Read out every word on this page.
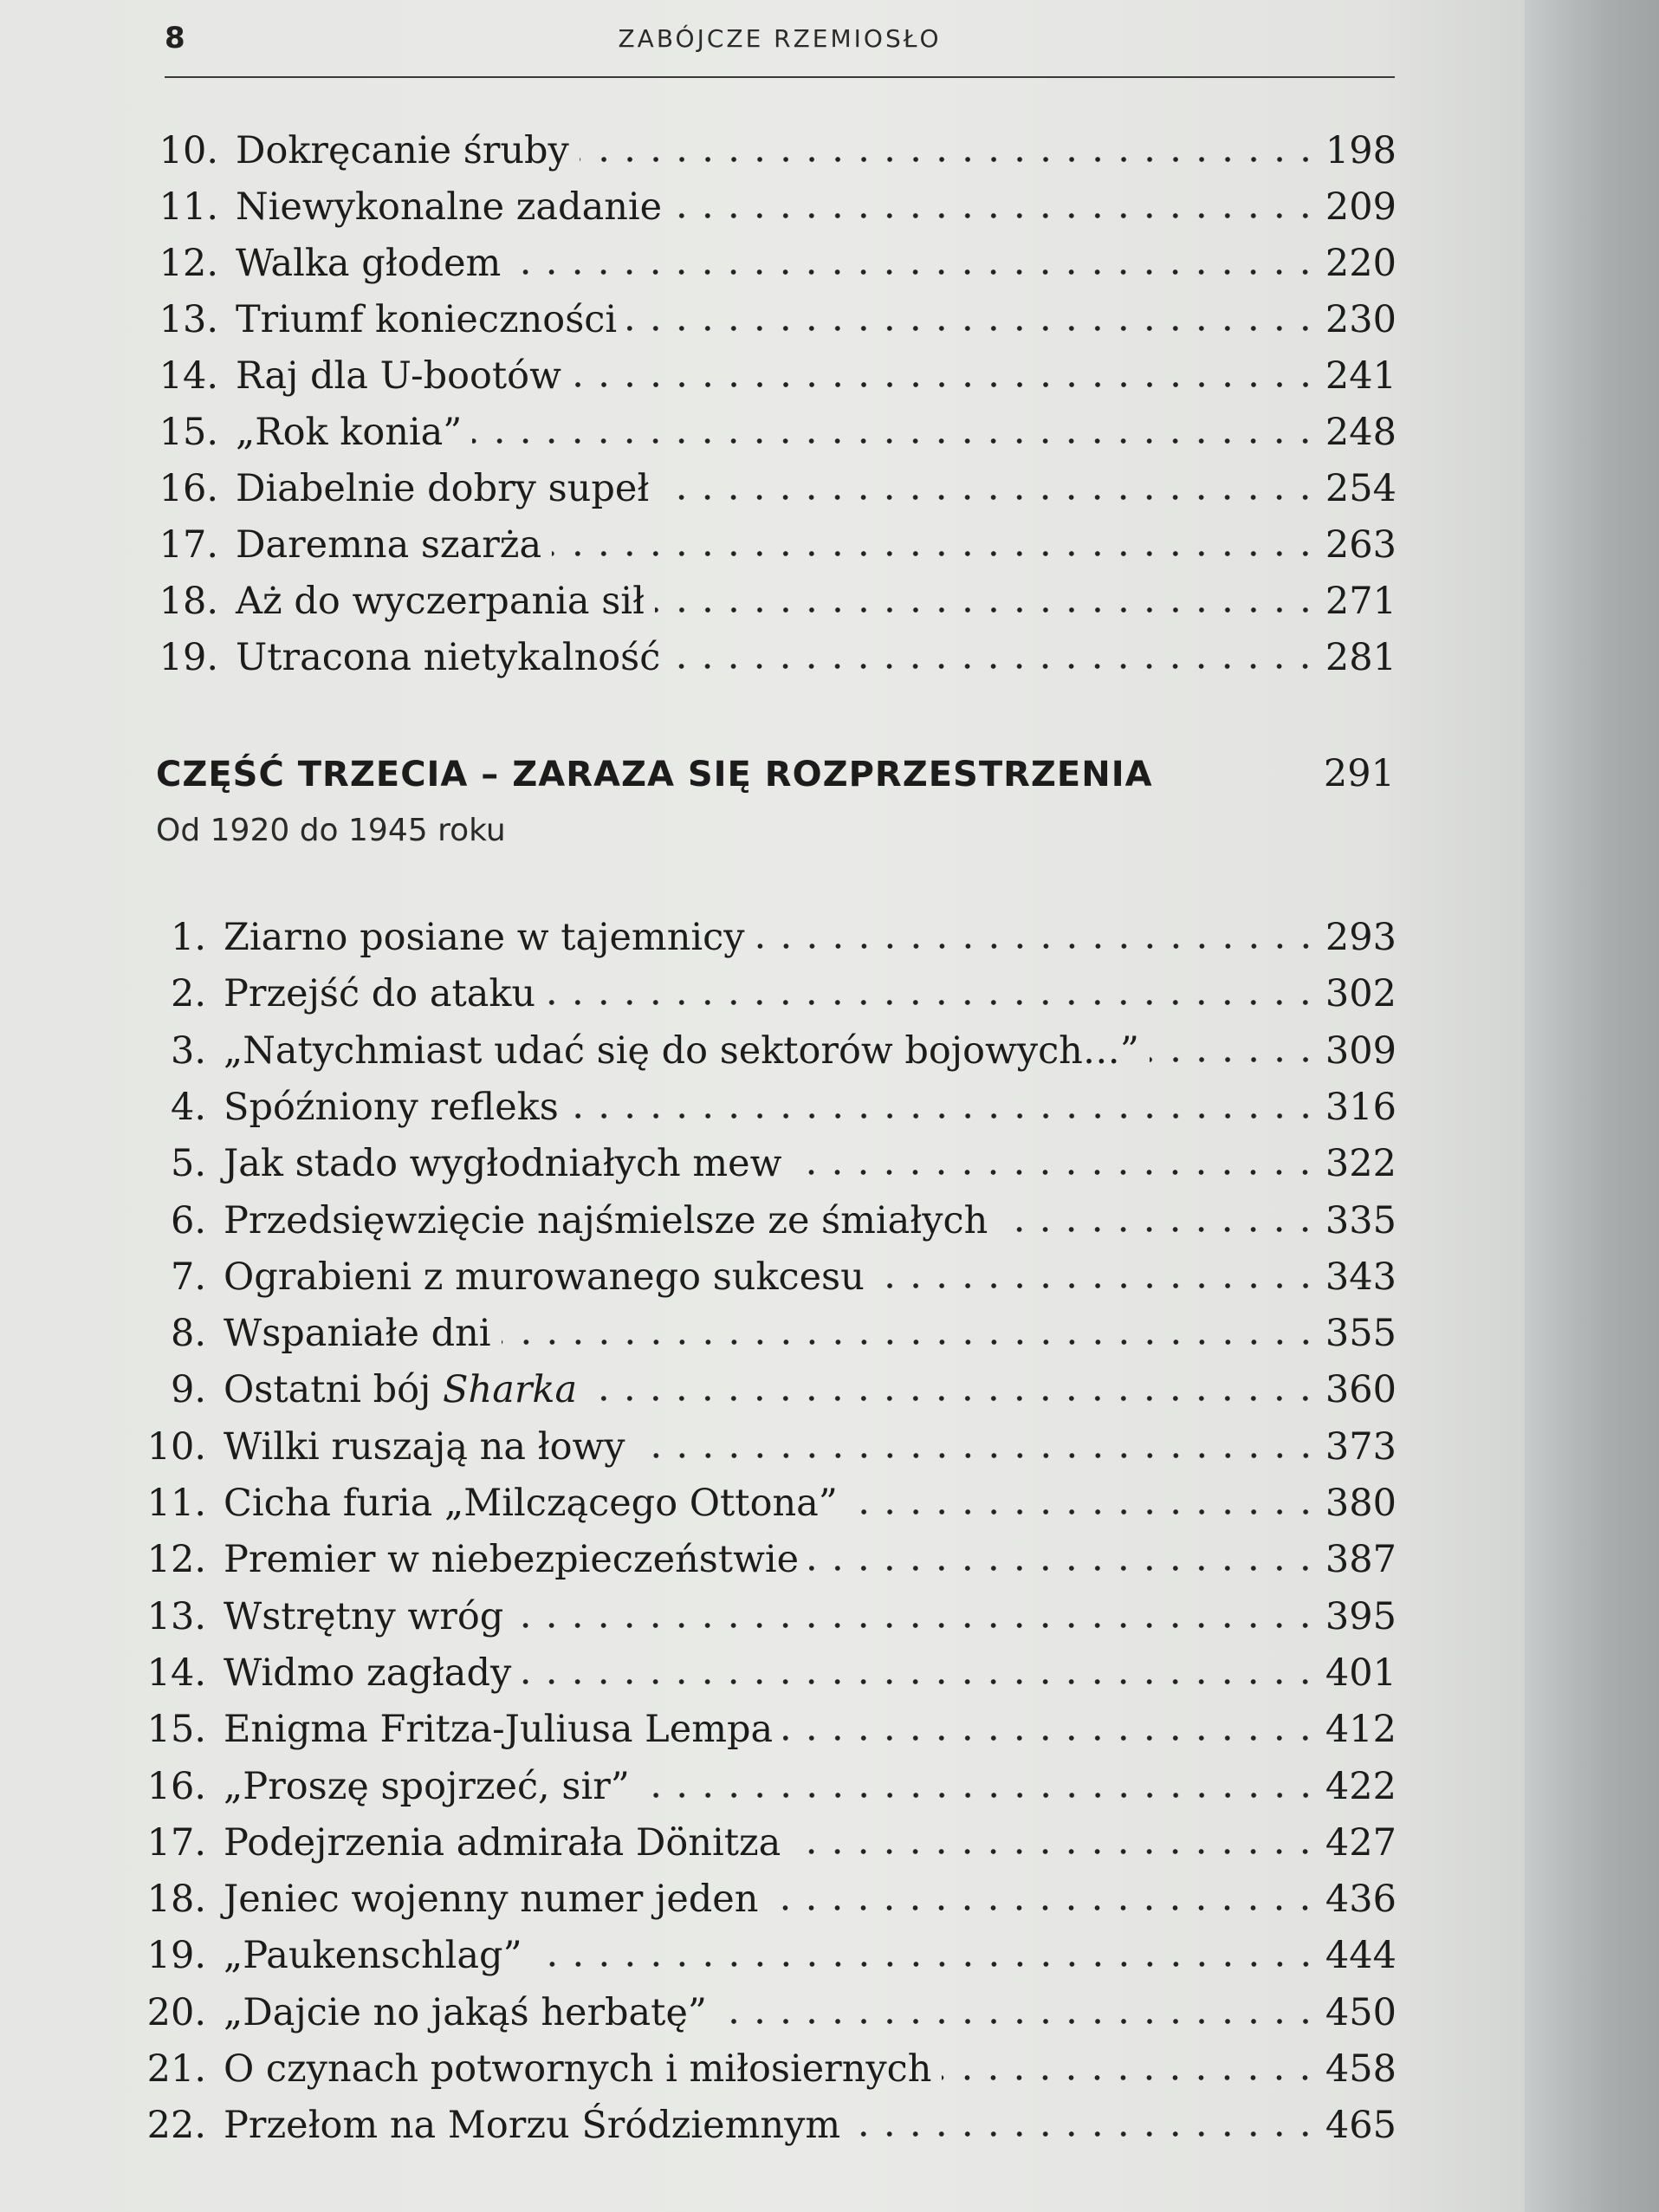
8	ZABÓJCZE RZEMIOSŁO
10. Dokręcanie śruby	198
11. Niewykonalne zadanie	209
12. Walka głodem	220
13. Triumf konieczności	230
14. Raj dla U-bootów	241
15. „Rok konia”	248
16. Diabelnie dobry supeł	254
17. Daremna szarża	263
18. Aż do wyczerpania sił	271
19. Utracona nietykalność	281
CZĘŚĆ TRZECIA – ZARAZA SIĘ ROZPRZESTRZENIA	291
Od 1920 do 1945 roku
1. Ziarno posiane w tajemnicy	293
2. Przejść do ataku	302
3. „Natychmiast udać się do sektorów bojowych…”	309
4. Spóźniony refleks	316
5. Jak stado wygłodniałych mew	322
6. Przedsięwzięcie najśmielsze ze śmiałych	335
7. Ograbieni z murowanego sukcesu	343
8. Wspaniałe dni	355
9. Ostatni bój Sharka	360
10. Wilki ruszają na łowy	373
11. Cicha furia „Milczącego Ottona”	380
12. Premier w niebezpieczeństwie	387
13. Wstrętny wróg	395
14. Widmo zagłady	401
15. Enigma Fritza-Juliusa Lempa	412
16. „Proszę spojrzeć, sir”	422
17. Podejrzenia admirała Dönitza	427
18. Jeniec wojenny numer jeden	436
19. „Paukenschlag”	444
20. „Dajcie no jakąś herbatę”	450
21. O czynach potwornych i miłosiernych	458
22. Przełom na Morzu Śródziemnym	465
